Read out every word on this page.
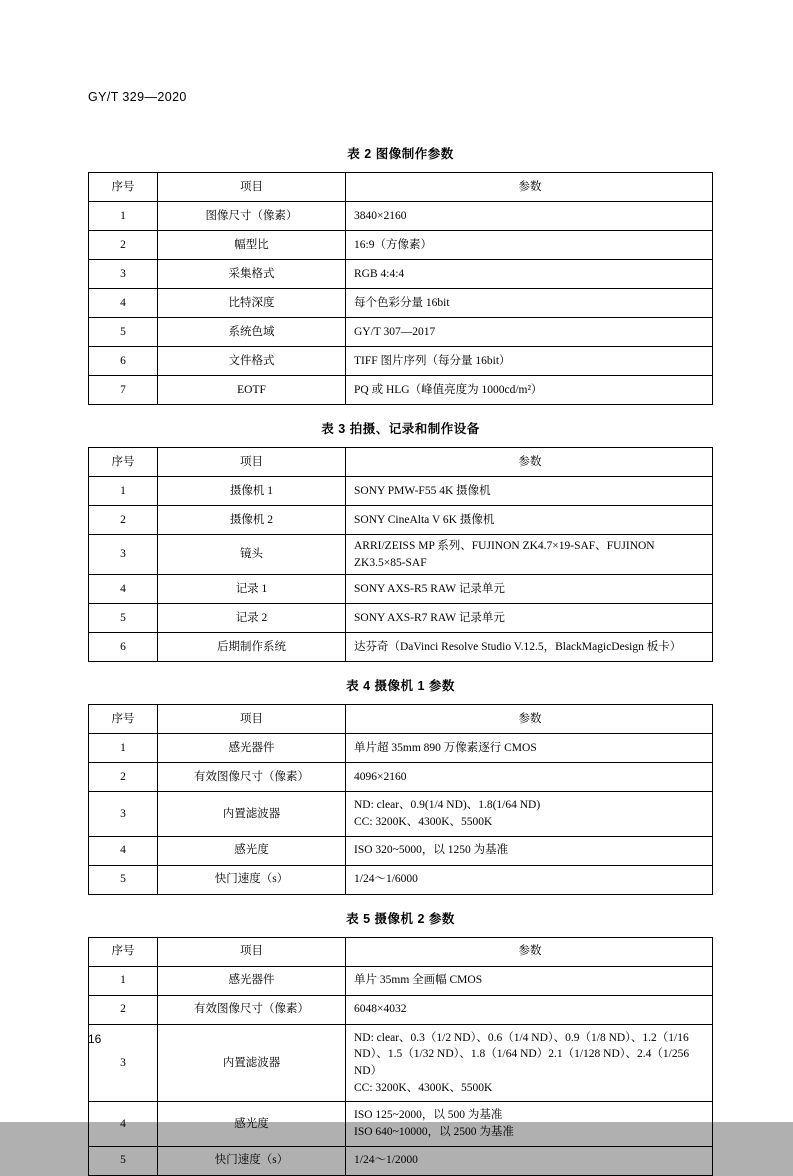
GY/T 329—2020
表 2 图像制作参数
序号	项目	参数
1	图像尺寸（像素）	3840×2160
2	幅型比	16:9（方像素）
3	采集格式	RGB 4:4:4
4	比特深度	每个色彩分量 16bit
5	系统色域	GY/T 307—2017
6	文件格式	TIFF 图片序列（每分量 16bit）
7	EOTF	PQ 或 HLG（峰值亮度为 1000cd/m²）
表 3 拍摄、记录和制作设备
序号	项目	参数
1	摄像机 1	SONY PMW-F55 4K 摄像机
2	摄像机 2	SONY CineAlta V 6K 摄像机
3	镜头	ARRI/ZEISS MP 系列、FUJINON ZK4.7×19-SAF、FUJINON ZK3.5×85-SAF
4	记录 1	SONY AXS-R5 RAW 记录单元
5	记录 2	SONY AXS-R7 RAW 记录单元
6	后期制作系统	达芬奇（DaVinci Resolve Studio V.12.5，BlackMagicDesign 板卡）
表 4 摄像机 1 参数
序号	项目	参数
1	感光器件	单片超 35mm 890 万像素逐行 CMOS
2	有效图像尺寸（像素）	4096×2160
3	内置滤波器	ND: clear、0.9(1/4 ND)、1.8(1/64 ND)
CC: 3200K、4300K、5500K
4	感光度	ISO 320~5000，以 1250 为基准
5	快门速度（s）	1/24～1/6000
表 5 摄像机 2 参数
序号	项目	参数
1	感光器件	单片 35mm 全画幅 CMOS
2	有效图像尺寸（像素）	6048×4032
3	内置滤波器	ND: clear、0.3（1/2 ND）、0.6（1/4 ND）、0.9（1/8 ND）、1.2（1/16 ND）、1.5（1/32 ND）、1.8（1/64 ND）2.1（1/128 ND）、2.4（1/256 ND）
CC: 3200K、4300K、5500K
4	感光度	ISO 125~2000，以 500 为基准
ISO 640~10000，以 2500 为基准
5	快门速度（s）	1/24～1/2000
16
